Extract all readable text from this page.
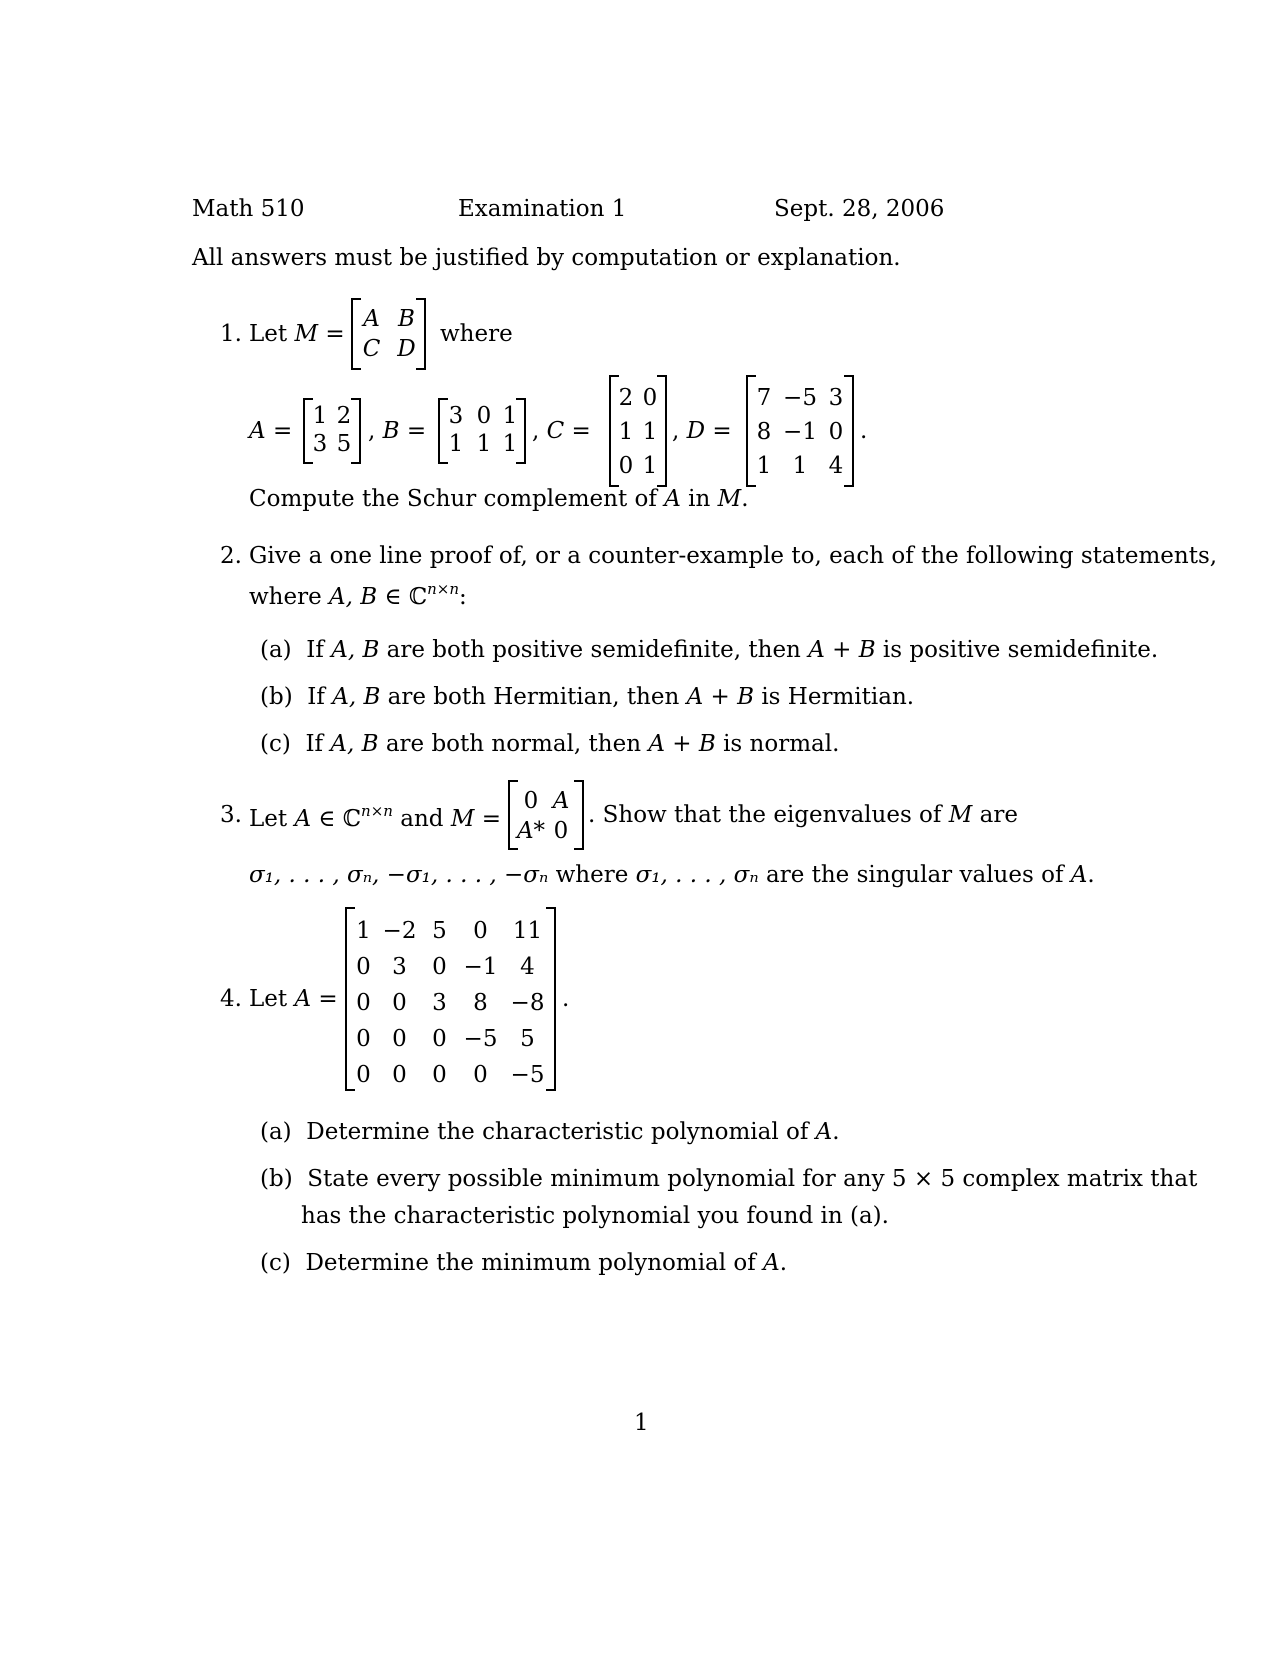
Math 510	Examination 1	Sept. 28, 2006
All answers must be justified by computation or explanation.
1. Let M =
A	B
C	D
where
A =
1	2
3	5 , B =
3	0	1
1	1	1 , C =
2	0
1	1
0	1
, D =
7	−5	3
8	−1	0
1	1	4
.
Compute the Schur complement of A in M.
2. Give a one line proof of, or a counter-example to, each of the following statements,
where A, B ∈ ℂ$^{n\times n}$:
(a) If A, B are both positive semidefinite, then A + B is positive semidefinite.
(b) If A, B are both Hermitian, then A + B is Hermitian.
(c) If A, B are both normal, then A + B is normal.
3. Let A ∈ ℂ$^{n\times n}$ and M =
0	A
A*	0
. Show that the eigenvalues of M are
σ₁, . . . , σₙ, −σ₁, . . . , −σₙ where σ₁, . . . , σₙ are the singular values of A.
4. Let A =
1	−2	5	0	11
0	3	0	−1	4
0	0	3	8	−8
0	0	0	−5	5
0	0	0	0	−5
.
(a) Determine the characteristic polynomial of A.
(b) State every possible minimum polynomial for any 5 × 5 complex matrix that
has the characteristic polynomial you found in (a).
(c) Determine the minimum polynomial of A.
1
